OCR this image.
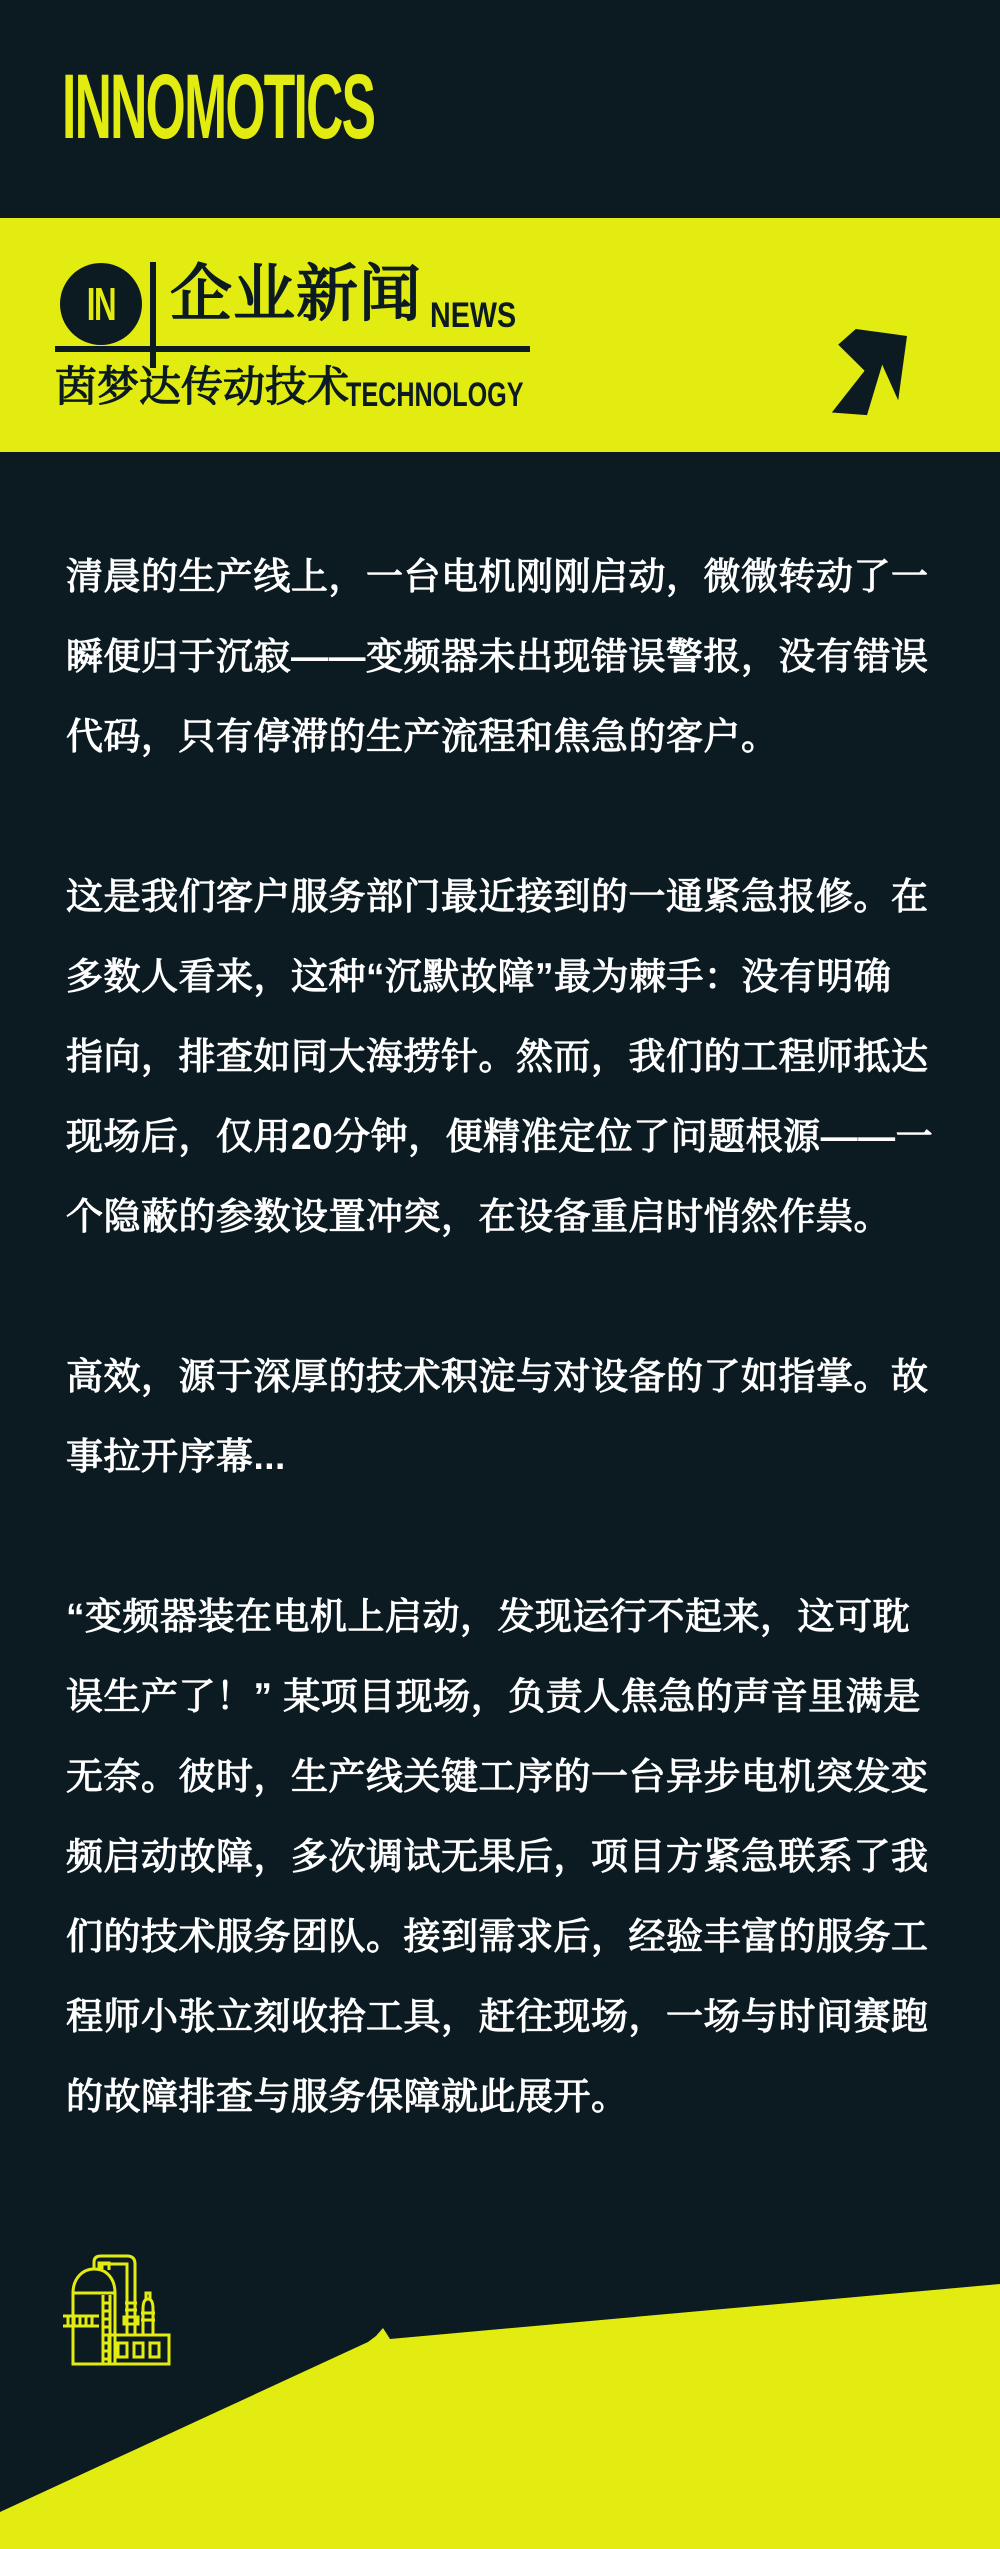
INNOMOTICS
IN 企业新闻 NEWS
茵梦达传动技术
TECHNOLOGY
清晨的生产线上，一台电机刚刚启动，微微转动了一
瞬便归于沉寂——变频器未出现错误警报，没有错误
代码，只有停滞的生产流程和焦急的客户。
这是我们客户服务部门最近接到的一通紧急报修。在
多数人看来，这种“沉默故障”最为棘手：没有明确
指向，排查如同大海捞针。然而，我们的工程师抵达
现场后，仅用20分钟，便精准定位了问题根源——一
个隐蔽的参数设置冲突，在设备重启时悄然作祟。
高效，源于深厚的技术积淀与对设备的了如指掌。故
事拉开序幕...
“变频器装在电机上启动，发现运行不起来，这可耽
误生产了！” 某项目现场，负责人焦急的声音里满是
无奈。彼时，生产线关键工序的一台异步电机突发变
频启动故障，多次调试无果后，项目方紧急联系了我
们的技术服务团队。接到需求后，经验丰富的服务工
程师小张立刻收拾工具，赶往现场，一场与时间赛跑
的故障排查与服务保障就此展开。
